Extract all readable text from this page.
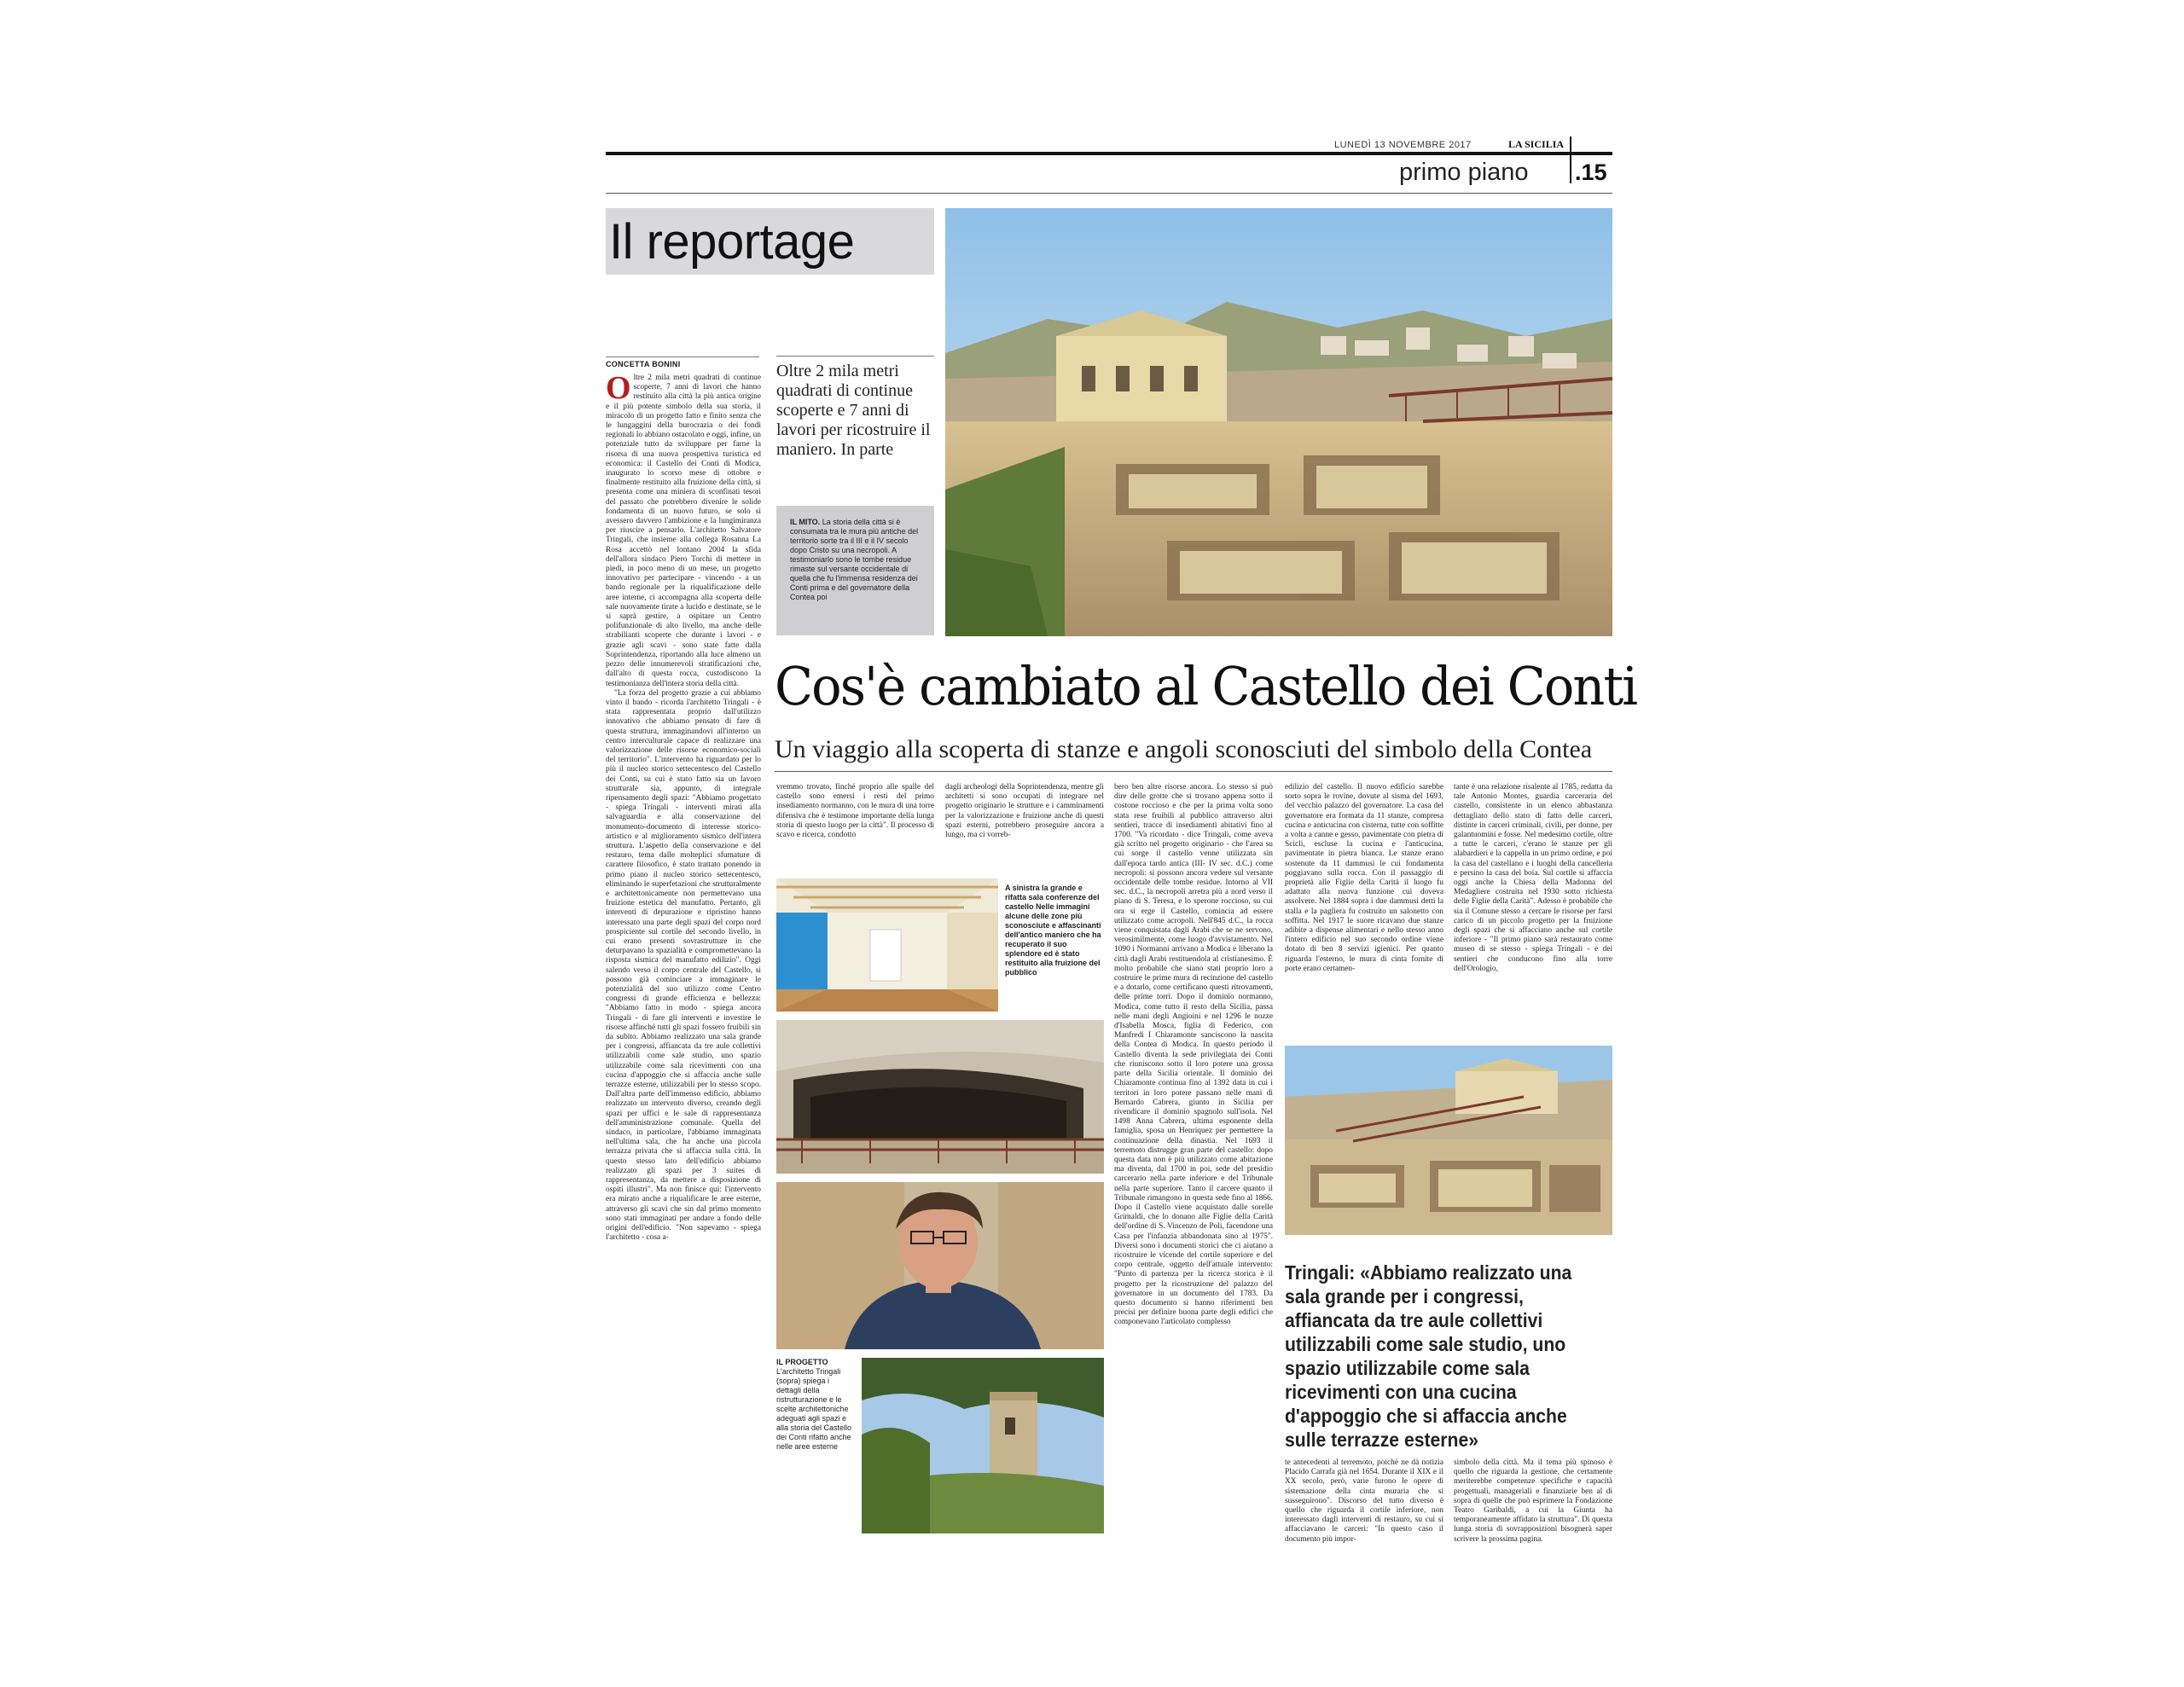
LUNEDÌ 13 NOVEMBRE 2017	LA SICILIA
primo piano .15
Il reportage
Oltre 2 mila metri quadrati di continue scoperte e 7 anni di lavori per ricostruire il maniero. In parte
IL MITO. La storia della città si è consumata tra le mura più antiche del territorio sorte tra il III e il IV secolo dopo Cristo su una necropoli. A testimoniarlo sono le tombe residue rimaste sul versante occidentale di quella che fu l'immensa residenza dei Conti prima e del governatore della Contea poi
CONCETTA BONINI

Oltre 2 mila metri quadrati di continue scoperte, 7 anni di lavori che hanno restituito alla città la più antica origine e il più potente simbolo della sua storia, il miracolo di un progetto fatto e finito senza che le lungaggini della burocrazia o dei fondi regionali lo abbiano ostacolato e oggi, infine, un potenziale tutto da sviluppare per farne la risorsa di una nuova prospettiva turistica ed economica: il Castello dei Conti di Modica, inaugurato lo scorso mese di ottobre e finalmente restituito alla fruizione della città, si presenta come una miniera di sconfinati tesori del passato che potrebbero divenire le solide fondamenta di un nuovo futuro, se solo si avessero davvero l'ambizione e la lungimiranza per riuscire a pensarlo. L'architetto Salvatore Tringali, che insieme alla collega Rosanna La Rosa accettò nel lontano 2004 la sfida dell'allora sindaco Piero Torchi di mettere in piedi, in poco meno di un mese, un progetto innovativo per partecipare - vincendo - a un bando regionale per la riqualificazione delle aree interne, ci accompagna alla scoperta delle sale nuovamente tirate a lucido e destinate, se le si saprà gestire, a ospitare un Centro polifunzionale di alto livello, ma anche delle strabilianti scoperte che durante i lavori - e grazie agli scavi - sono state fatte dalla Soprintendenza, riportando alla luce almeno un pezzo delle innumerevoli stratificazioni che, dall'alto di questa rocca, custodiscono la testimonianza dell'intera storia della città.

"La forza del progetto grazie a cui abbiamo vinto il bando - ricorda l'architetto Tringali - è stata rappresentata proprio dall'utilizzo innovativo che abbiamo pensato di fare di questa struttura, immaginandovi all'interno un centro interculturale capace di realizzare una valorizzazione delle risorse economico-sociali del territorio". L'intervento ha riguardato per lo più il nucleo storico settecentesco del Castello dei Conti, su cui è stato fatto sia un lavoro strutturale sia, appunto, di integrale ripensamento degli spazi: "Abbiamo progettato - spiega Tringali - interventi mirati alla salvaguardia e alla conservazione del monumento-documento di interesse storico-artistico e al miglioramento sismico dell'intera struttura. L'aspetto della conservazione e del restauro, tema dalle molteplici sfumature di carattere filosofico, è stato trattato ponendo in primo piano il nucleo storico settecentesco, eliminando le superfetazioni che strutturalmente e architettonicamente non permettevano una fruizione estetica del manufatto. Pertanto, gli interventi di depurazione e ripristino hanno interessato una parte degli spazi del corpo nord prospiciente sul cortile del secondo livello, in cui erano presenti sovrastrutture in che deturpavano la spazialità e compromettevano la risposta sismica del manufatto edilizio". Oggi salendo verso il corpo centrale del Castello, si possono già cominciare a immaginare le potenzialità del suo utilizzo come Centro congressi di grande efficienza e bellezza: "Abbiamo fatto in modo - spiega ancora Tringali - di fare gli interventi e investire le risorse affinché tutti gli spazi fossero fruibili sin da subito. Abbiamo realizzato una sala grande per i congressi, affiancata da tre aule collettivi utilizzabili come sale studio, uno spazio utilizzabile come sala ricevimenti con una cucina d'appoggio che si affaccia anche sulle terrazze esterne, utilizzabili per lo stesso scopo. Dall'altra parte dell'immenso edificio, abbiamo realizzato un intervento diverso, creando degli spazi per uffici e le sale di rappresentanza dell'amministrazione comunale. Quella del sindaco, in particolare, l'abbiamo immaginata nell'ultima sala, che ha anche una piccola terrazza privata che si affaccia sulla città. In questo stesso lato dell'edificio abbiamo realizzato gli spazi per 3 suites di rappresentanza, da mettere a disposizione di ospiti illustri". Ma non finisce qui: l'intervento era mirato anche a riqualificare le aree esterne, attraverso gli scavi che sin dal primo momento sono stati immaginati per andare a fondo delle origini dell'edificio. "Non sapevamo - spiega l'architetto - cosa a-

Cos'è cambiato al Castello dei Conti
Un viaggio alla scoperta di stanze e angoli sconosciuti del simbolo della Contea

vremmo trovato, finché proprio alle spalle del castello sono emersi i resti del primo insediamento normanno, con le mura di una torre difensiva che è testimone importante della lunga storia di questo luogo per la città". Il processo di scavo e ricerca, condotto

dagli archeologi della Soprintendenza, mentre gli architetti si sono occupati di integrare nel progetto originario le strutture e i camminamenti per la valorizzazione e fruizione anche di questi spazi esterni, potrebbero proseguire ancora a lungo, ma ci vorreb-

A sinistra la grande e rifatta sala conferenze del castello Nelle immagini alcune delle zone più sconosciute e affascinanti dell'antico maniero che ha recuperato il suo splendore ed è stato restituito alla fruizione del pubblico
IL PROGETTO
L'architetto Tringali (sopra) spiega i dettagli della ristrutturazione e le scelte architettoniche adeguati agli spazi e alla storia del Castello dei Conti rifatto anche nelle aree esterne

bero ben altre risorse ancora. Lo stesso si può dire delle grotte che si trovano appena sotto il costone roccioso e che per la prima volta sono stata rese fruibili al pubblico attraverso altri sentieri, tracce di insediamenti abitativi fino al 1700. "Va ricordato - dice Tringali, come aveva già scritto nel progetto originario - che l'area su cui sorge il castello venne utilizzata sin dall'epoca tardo antica (III- IV sec. d.C.) come necropoli: si possono ancora vedere sul versante occidentale delle tombe residue. Intorno al VII sec. d.C., la necropoli arretra più a nord verso il piano di S. Teresa, e lo sperone roccioso, su cui ora si erge il Castello, comincia ad essere utilizzato come acropoli. Nell'845 d.C., la rocca viene conquistata dagli Arabi che se ne servono, verosimilmente, come luogo d'avvistamento. Nel 1090 i Normanni arrivano a Modica e liberano la città dagli Arabi restituendola al cristianesimo. È molto probabile che siano stati proprio loro a costruire le prime mura di recinzione del castello e a dotarlo, come certificano questi ritrovamenti, delle prime torri. Dopo il dominio normanno, Modica, come tutto il resto della Sicilia, passa nelle mani degli Angioini e nel 1296 le nozze d'Isabella Mosca, figlia di Federico, con Manfredi I Chiaramonte sanciscono la nascita della Contea di Modica. In questo periodo il Castello diventa la sede privilegiata dei Conti che riuniscono sotto il loro potere una grossa parte della Sicilia orientale. Il dominio dei Chiaramonte continua fino al 1392 data in cui i territori in loro potere passano nelle mani di Bernardo Cabrera, giunto in Sicilia per rivendicare il dominio spagnolo sull'isola. Nel 1498 Anna Cabrera, ultima esponente della famiglia, sposa un Henriquez per permettere la continuazione della dinastia. Nel 1693 il terremoto distrugge gran parte del castello: dopo questa data non è più utilizzato come abitazione ma diventa, dal 1700 in poi, sede del presidio carcerario nella parte inferiore e del Tribunale nella parte superiore. Tanto il carcere quanto il Tribunale rimangono in questa sede fino al 1866. Dopo il Castello viene acquistato dalle sorelle Grimaldi, che lo donano alle Figlie della Carità dell'ordine di S. Vincenzo de Poli, facendone una Casa per l'infanzia abbandonata sino al 1975". Diversi sono i documenti storici che ci aiutano a ricostruire le vicende del cortile superiore e del corpo centrale, oggetto dell'attuale intervento: "Punto di partenza per la ricerca storica è il progetto per la ricostruzione del palazzo del governatore in un documento del 1783. Da questo documento si hanno riferimenti ben precisi per definire buona parte degli edifici che componevano l'articolato complesso

edilizio del castello. Il nuovo edificio sarebbe sorto sopra le rovine, dovute al sisma del 1693, del vecchio palazzo del governatore. La casa del governatore era formata da 11 stanze, compresa cucina e anticucina con cisterna, tutte con soffitte a volta a canne e gesso, pavimentate con pietra di Scicli, escluse la cucina e l'anticucina, pavimentate in pietra bianca. Le stanze erano sostenute da 11 dammusi le cui fondamenta poggiavano sulla rocca. Con il passaggio di proprietà alle Figlie della Carità il luogo fu adattato alla nuova funzione cui doveva assolvere. Nel 1884 sopra i due dammusi detti la stalla e la pagliera fu costruito un salonetto con soffitta. Nel 1917 le suore ricavano due stanze adibite a dispense alimentari e nello stesso anno l'intero edificio nel suo secondo ordine viene dotato di ben 8 servizi igienici. Per quanto riguarda l'esterno, le mura di cinta fornite di porte erano certamen-

tante è una relazione risalente al 1785, redatta da tale Antonio Montes, guardia carceraria del castello, consistente in un elenco abbastanza dettagliato dello stato di fatto delle carceri, distinte in carceri criminali, civili, per donne, per galantuomini e fosse. Nel medesimo cortile, oltre a tutte le carceri, c'erano le stanze per gli alabardieri e la cappella in un primo ordine, e poi la casa del castellano e i luoghi della cancelleria e persino la casa del boia. Sul cortile si affaccia oggi anche la Chiesa della Madonna del Medagliere costruita nel 1930 sotto richiesta delle Figlie della Carità". Adesso è probabile che sia il Comune stesso a cercare le risorse per farsi carico di un piccolo progetto per la fruizione degli spazi che si affacciano anche sul cortile inferiore - "Il primo piano sarà restaurato come museo di se stesso - spiega Tringali - e dei sentieri che conducono fino alla torre dell'Orologio,

Tringali: «Abbiamo realizzato una sala grande per i congressi, affiancata da tre aule collettivi utilizzabili come sale studio, uno spazio utilizzabile come sala ricevimenti con una cucina d'appoggio che si affaccia anche sulle terrazze esterne»

te antecedenti al terremoto, poiché ne dà notizia Placido Carrafa già nel 1654. Durante il XIX e il XX secolo, però, varie furono le opere di sistemazione della cinta muraria che si susseguirono". Discorso del tutto diverso è quello che riguarda il cortile inferiore, non interessato dagli interventi di restauro, su cui si affacciavano le carceri: "In questo caso il documento più impor-

simbolo della città. Ma il tema più spinoso è quello che riguarda la gestione, che certamente meriterebbe competenze specifiche e capacità progettuali, manageriali e finanziarie ben al di sopra di quelle che può esprimere la Fondazione Teatro Garibaldi, a cui la Giunta ha temporaneamente affidato la struttura". Di questa lunga storia di sovrapposizioni bisognerà saper scrivere la prossima pagina.
